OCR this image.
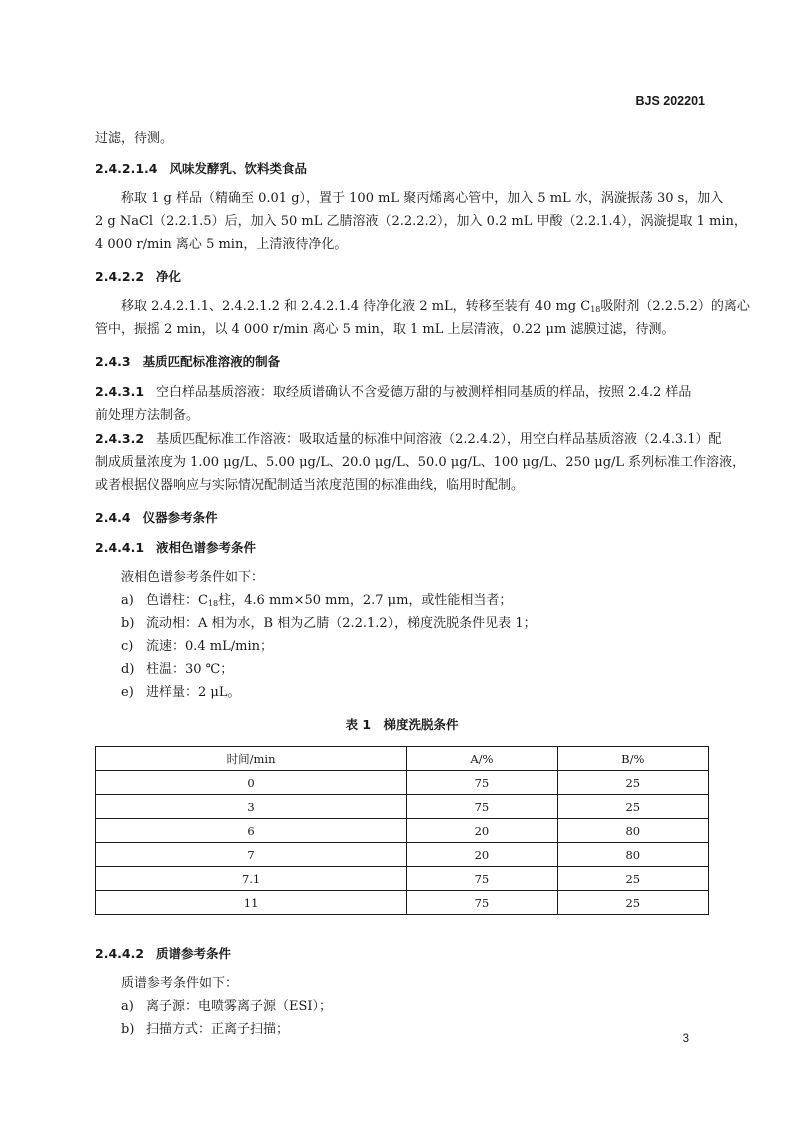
BJS 202201

过滤，待测。

2.4.2.1.4 风味发酵乳、饮料类食品

称取 1 g 样品（精确至 0.01 g），置于 100 mL 聚丙烯离心管中，加入 5 mL 水，涡漩振荡 30 s，加入

2 g NaCl（2.2.1.5）后，加入 50 mL 乙腈溶液（2.2.2.2），加入 0.2 mL 甲酸（2.2.1.4），涡漩提取 1 min，

4 000 r/min 离心 5 min，上清液待净化。

2.4.2.2 净化

移取 2.4.2.1.1、2.4.2.1.2 和 2.4.2.1.4 待净化液 2 mL，转移至装有 40 mg $C_{18}$吸附剂（2.2.5.2）的离心

管中，振摇 2 min，以 4 000 r/min 离心 5 min，取 1 mL 上层清液，0.22 μm 滤膜过滤，待测。

2.4.3 基质匹配标准溶液的制备

2.4.3.1 空白样品基质溶液：取经质谱确认不含爱德万甜的与被测样相同基质的样品，按照 2.4.2 样品

前处理方法制备。

2.4.3.2 基质匹配标准工作溶液：吸取适量的标准中间溶液（2.2.4.2），用空白样品基质溶液（2.4.3.1）配

制成质量浓度为 1.00 μg/L、5.00 μg/L、20.0 μg/L、50.0 μg/L、100 μg/L、250 μg/L 系列标准工作溶液，

或者根据仪器响应与实际情况配制适当浓度范围的标准曲线，临用时配制。

2.4.4 仪器参考条件

2.4.4.1 液相色谱参考条件

液相色谱参考条件如下：

a) 色谱柱：$C_{18}$柱，4.6 mm×50 mm，2.7 μm，或性能相当者；
b) 流动相：A 相为水，B 相为乙腈（2.2.1.2），梯度洗脱条件见表 1；
c) 流速：0.4 mL/min；
d) 柱温：30 ℃；
e) 进样量：2 μL。
表 1　梯度洗脱条件
时间/min	A/%	B/%
0	75	25
3	75	25
6	20	80
7	20	80
7.1	75	25
11	75	25

2.4.4.2 质谱参考条件

质谱参考条件如下：

a) 离子源：电喷雾离子源（ESI）；
b) 扫描方式：正离子扫描；
3
